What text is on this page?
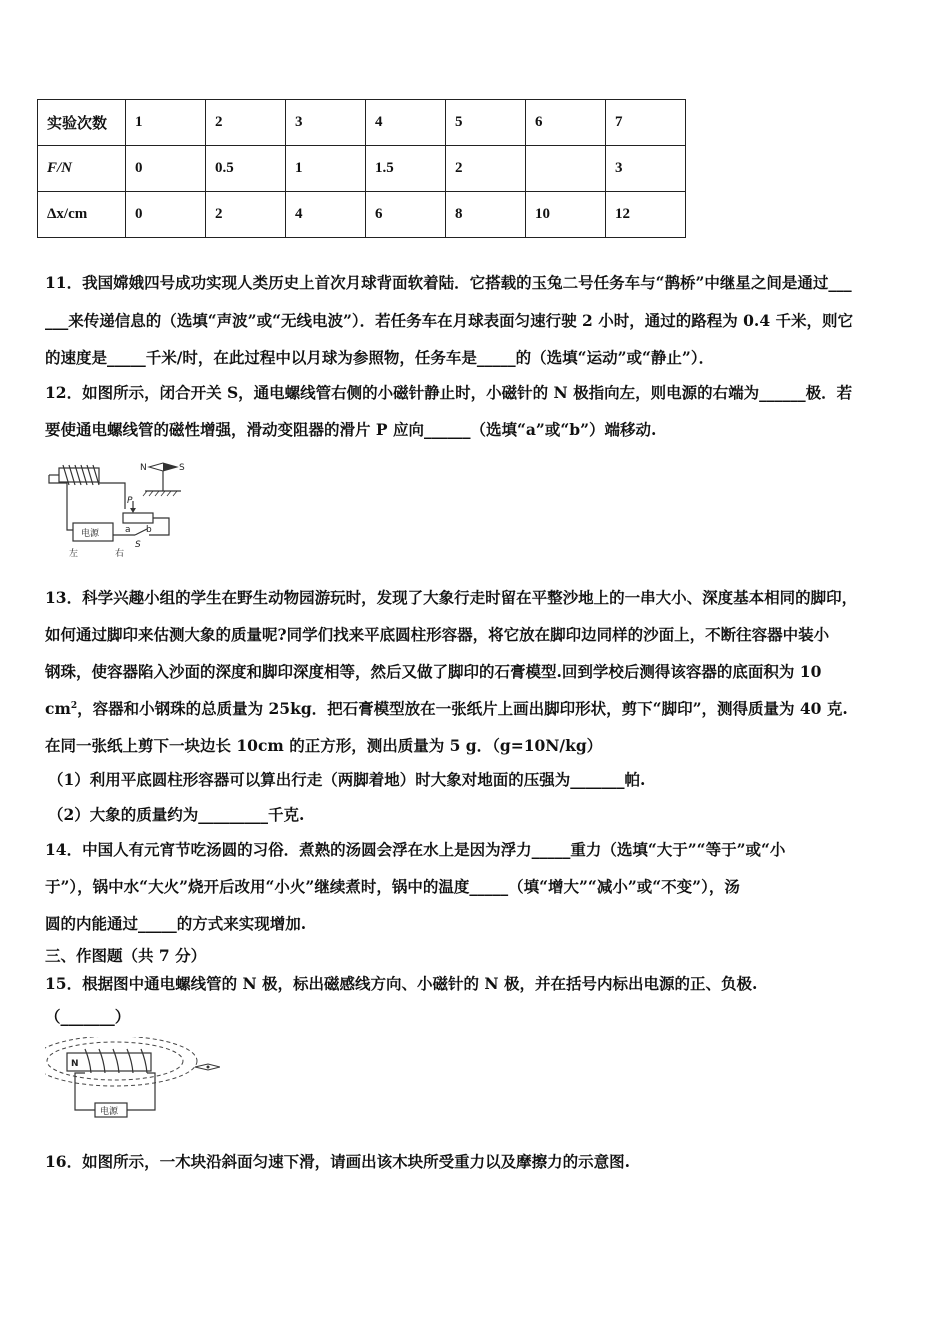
实验次数	1	2	3	4	5	6	7
F/N	0	0.5	1	1.5	2		3
Δx/cm	0	2	4	6	8	10	12
11．我国嫦娥四号成功实现人类历史上首次月球背面软着陆．它搭载的玉兔二号任务车与“鹊桥”中继星之间是通过___
___来传递信息的（选填“声波”或“无线电波”）．若任务车在月球表面匀速行驶 2 小时，通过的路程为 0.4 千米，则它
的速度是_____千米/时，在此过程中以月球为参照物，任务车是_____的（选填“运动”或“静止”）．
12．如图所示，闭合开关 S，通电螺线管右侧的小磁针静止时，小磁针的 N 极指向左，则电源的右端为______极．若
要使通电螺线管的磁性增强，滑动变阻器的滑片 P 应向______（选填“a”或“b”）端移动.
P
a b
S
电源
左	右
N	S
13．科学兴趣小组的学生在野生动物园游玩时，发现了大象行走时留在平整沙地上的一串大小、深度基本相同的脚印，
如何通过脚印来估测大象的质量呢?同学们找来平底圆柱形容器，将它放在脚印边同样的沙面上，不断往容器中装小
钢珠，使容器陷入沙面的深度和脚印深度相等，然后又做了脚印的石膏模型.回到学校后测得该容器的底面积为 10
$cm^2$，容器和小钢珠的总质量为 25kg．把石膏模型放在一张纸片上画出脚印形状，剪下“脚印”，测得质量为 40 克.
在同一张纸上剪下一块边长 10cm 的正方形，测出质量为 5 g．（g=10N/kg）
（1）利用平底圆柱形容器可以算出行走（两脚着地）时大象对地面的压强为_______帕.
（2）大象的质量约为_________千克.
14．中国人有元宵节吃汤圆的习俗．煮熟的汤圆会浮在水上是因为浮力_____重力（选填“大于”“等于”或“小
于”），锅中水“大火”烧开后改用“小火”继续煮时，锅中的温度_____（填“增大”“减小”或“不变”），汤
圆的内能通过_____的方式来实现增加.
三、作图题（共 7 分）
15．根据图中通电螺线管的 N 极，标出磁感线方向、小磁针的 N 极，并在括号内标出电源的正、负极.
（_______）
N
电源
16．如图所示，一木块沿斜面匀速下滑，请画出该木块所受重力以及摩擦力的示意图.
